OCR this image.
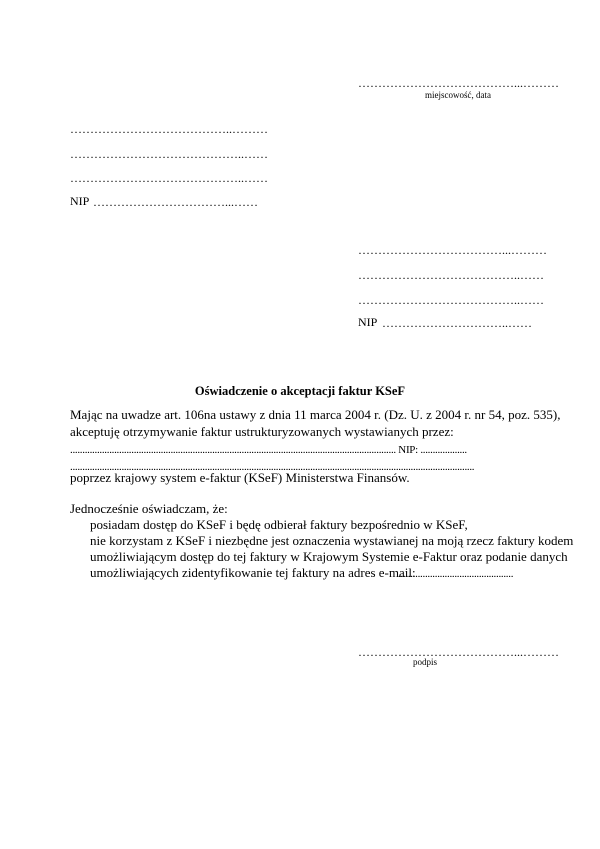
…………………………………...………
miejscowość, data
…………………………………..………
……………………………………..……
……………………………………..……
NIP ……………………………...……
………………………………...………
…………………………………..……
…………………………………..……
NIP …………………………..……
Oświadczenie o akceptacji faktur KSeF
Mając na uwadze art. 106na ustawy z dnia 11 marca 2004 r. (Dz. U. z 2004 r. nr 54, poz. 535),
akceptuję otrzymywanie faktur ustrukturyzowanych wystawianych przez:
..................................................................................................................................... NIP: ...................
.....................................................................................................................................................................
poprzez krajowy system e-faktur (KSeF) Ministerstwa Finansów.
Jednocześnie oświadczam, że:
posiadam dostęp do KSeF i będę odbierał faktury bezpośrednio w KSeF,
nie korzystam z KSeF i niezbędne jest oznaczenia wystawianej na moją rzecz faktury kodem
umożliwiającym dostęp do tej faktury w Krajowym Systemie e-Faktur oraz podanie danych
umożliwiających zidentyfikowanie tej faktury na adres e-mail:
...............................................
…………………………………...………
podpis
